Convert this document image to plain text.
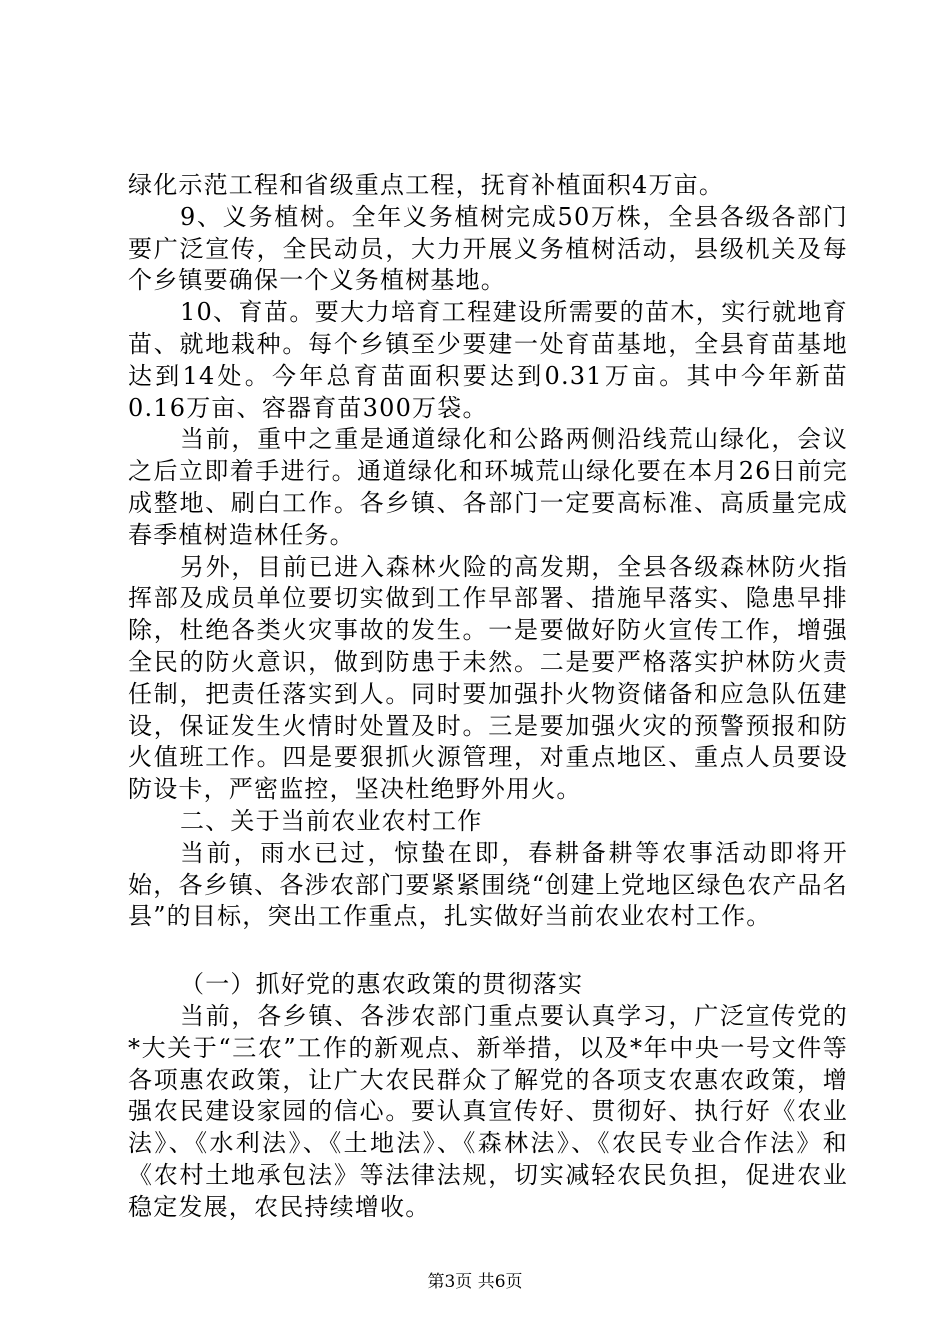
绿化示范工程和省级重点工程，抚育补植面积4万亩。

9、义务植树。全年义务植树完成50万株，全县各级各部门要广泛宣传，全民动员，大力开展义务植树活动，县级机关及每个乡镇要确保一个义务植树基地。

10、育苗。要大力培育工程建设所需要的苗木，实行就地育苗、就地栽种。每个乡镇至少要建一处育苗基地，全县育苗基地达到14处。今年总育苗面积要达到0.31万亩。其中今年新苗0.16万亩、容器育苗300万袋。

当前，重中之重是通道绿化和公路两侧沿线荒山绿化，会议之后立即着手进行。通道绿化和环城荒山绿化要在本月26日前完成整地、刷白工作。各乡镇、各部门一定要高标准、高质量完成春季植树造林任务。

另外，目前已进入森林火险的高发期，全县各级森林防火指挥部及成员单位要切实做到工作早部署、措施早落实、隐患早排除，杜绝各类火灾事故的发生。一是要做好防火宣传工作，增强全民的防火意识，做到防患于未然。二是要严格落实护林防火责任制，把责任落实到人。同时要加强扑火物资储备和应急队伍建设，保证发生火情时处置及时。三是要加强火灾的预警预报和防火值班工作。四是要狠抓火源管理，对重点地区、重点人员要设防设卡，严密监控，坚决杜绝野外用火。

二、关于当前农业农村工作

当前，雨水已过，惊蛰在即，春耕备耕等农事活动即将开始，各乡镇、各涉农部门要紧紧围绕“创建上党地区绿色农产品名县”的目标，突出工作重点，扎实做好当前农业农村工作。

（一）抓好党的惠农政策的贯彻落实

当前，各乡镇、各涉农部门重点要认真学习，广泛宣传党的*大关于“三农”工作的新观点、新举措，以及*年中央一号文件等各项惠农政策，让广大农民群众了解党的各项支农惠农政策，增强农民建设家园的信心。要认真宣传好、贯彻好、执行好《农业法》、《水利法》、《土地法》、《森林法》、《农民专业合作法》和《农村土地承包法》等法律法规，切实减轻农民负担，促进农业稳定发展，农民持续增收。

第3页 共6页
